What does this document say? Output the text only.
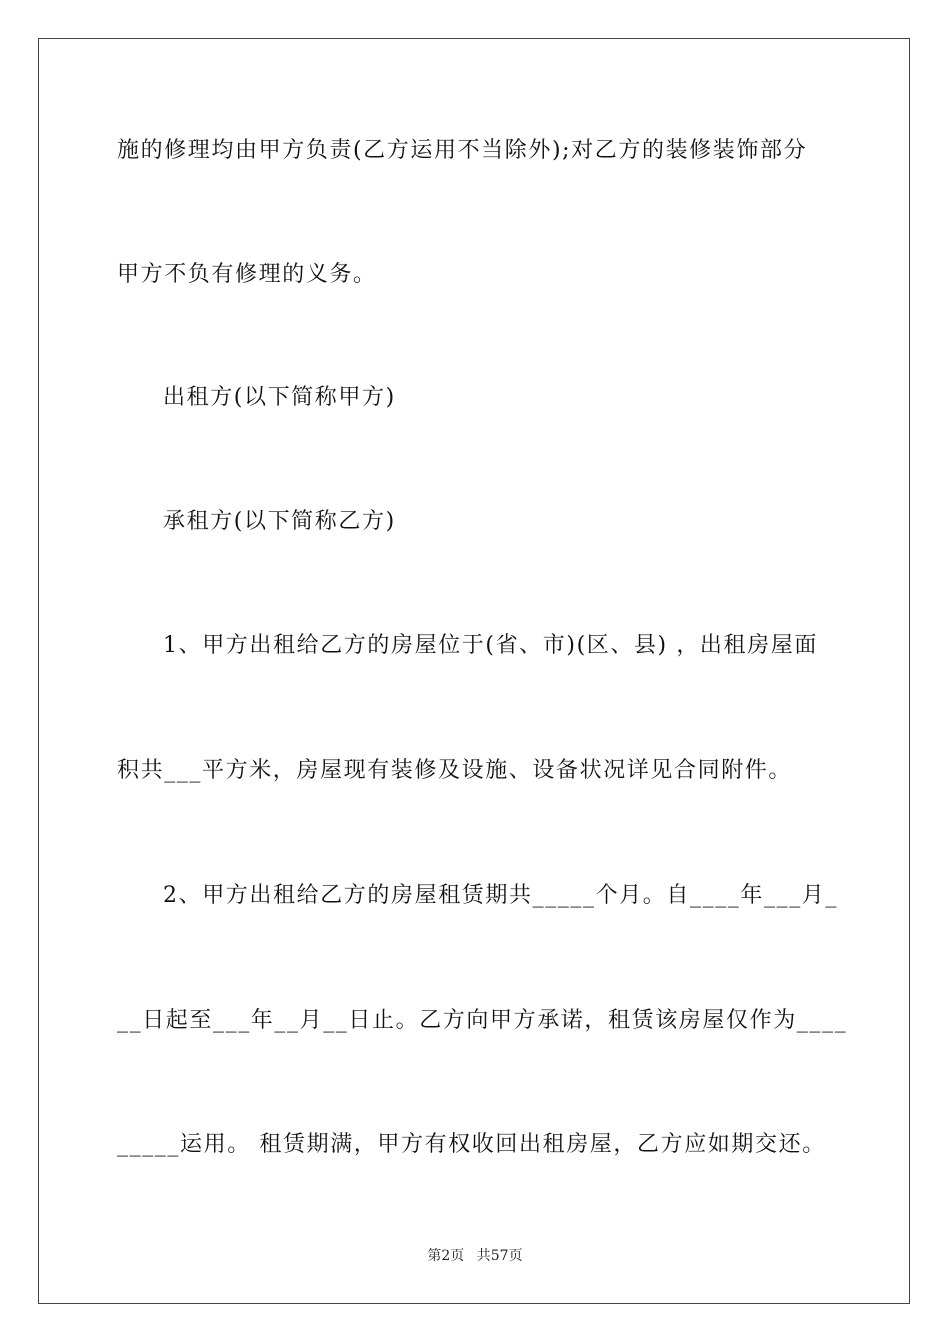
施的修理均由甲方负责(乙方运用不当除外);对乙方的装修装饰部分
甲方不负有修理的义务。
出租方(以下简称甲方)
承租方(以下简称乙方)
1、甲方出租给乙方的房屋位于(省、市)(区、县) ，出租房屋面
积共___平方米，房屋现有装修及设施、设备状况详见合同附件。
2、甲方出租给乙方的房屋租赁期共_____个月。自____年___月_
__日起至___年__月__日止。乙方向甲方承诺，租赁该房屋仅作为____
_____运用。 租赁期满，甲方有权收回出租房屋，乙方应如期交还。
第2页 共57页
